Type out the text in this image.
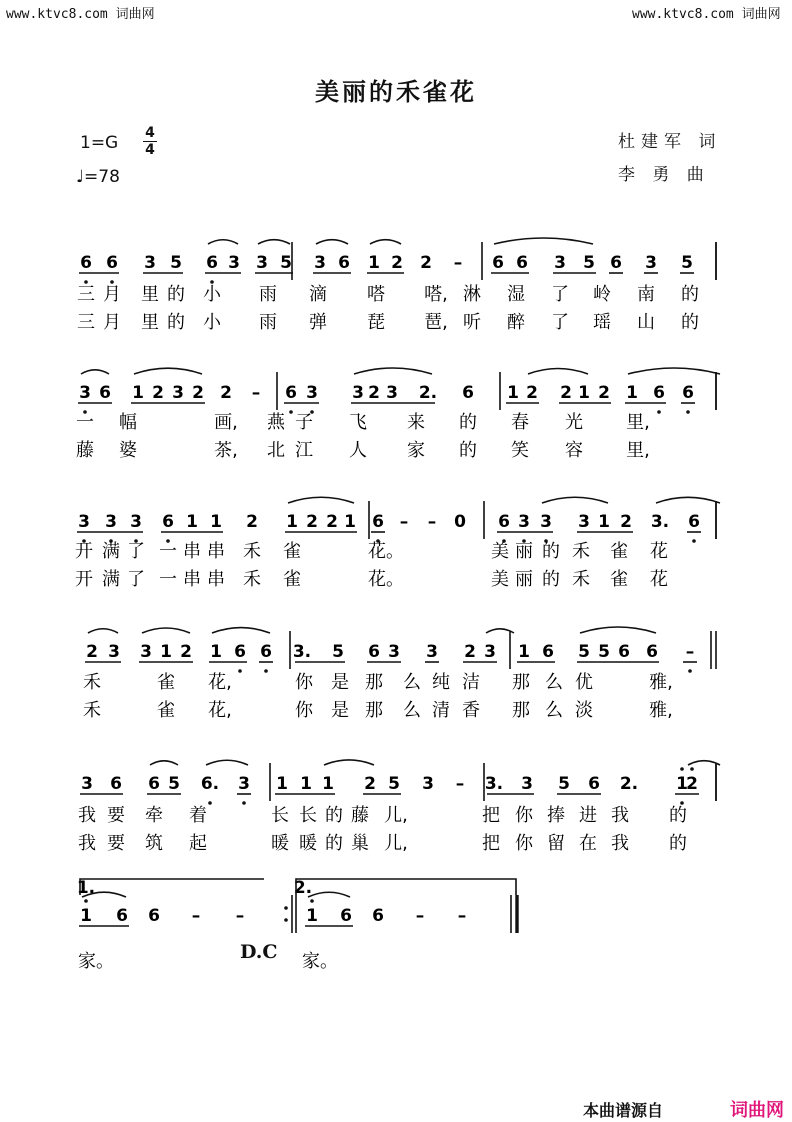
www.ktvc8.com 词曲网	www.ktvc8.com 词曲网
美丽的禾雀花
1=G 4
4
♩=78
杜建军 词
李 勇 曲
6 6 3 5 6 3 3 5 3 6 1 2 2 – 6 6 3 5 6 3 5
3 6 1 2 3 2 2 – 6 3 3 2 3 2. 6 1 2 2 1 2 1 6 6
3 3 3 6 1 1 2 1 2 2 1 6 – – 0 6 3 3 3 1 2 3. 6
2 3 3 1 2 1 6 6 3. 5 6 3 3 2 3 1 6 5 5 6 6 –
3 6 6 5 6. 3 1 1 1 2 5 3 – 3. 3 5 6 2. 1
2
1 6 6 – –	1 6 6 – –
1.	2.
三 月 里 的 小 雨 滴 嗒 嗒, 淋 湿 了 岭 南 的
三 月 里 的 小 雨 弹 琵 琶, 听 醉 了 瑶 山 的
一 幅	画, 燕 子 飞 来 的 春 光 里,
藤 婆	茶, 北 江 人 家 的 笑 容 里,
开 满 了 一 串 串 禾 雀	花。	美 丽 的 禾 雀 花
开 满 了 一 串 串 禾 雀	花。	美 丽 的 禾 雀 花
禾	雀 花,	你 是 那 么 纯 洁 那 么 优	雅,
禾	雀 花,	你 是 那 么 清 香 那 么 淡	雅,
我 要 牵 着	长 长 的 藤 儿,	把 你 捧 进 我 的
我 要 筑 起	暖 暖 的 巢 儿,	把 你 留 在 我 的
家。	家。
D.C
本曲谱源自	词曲网
